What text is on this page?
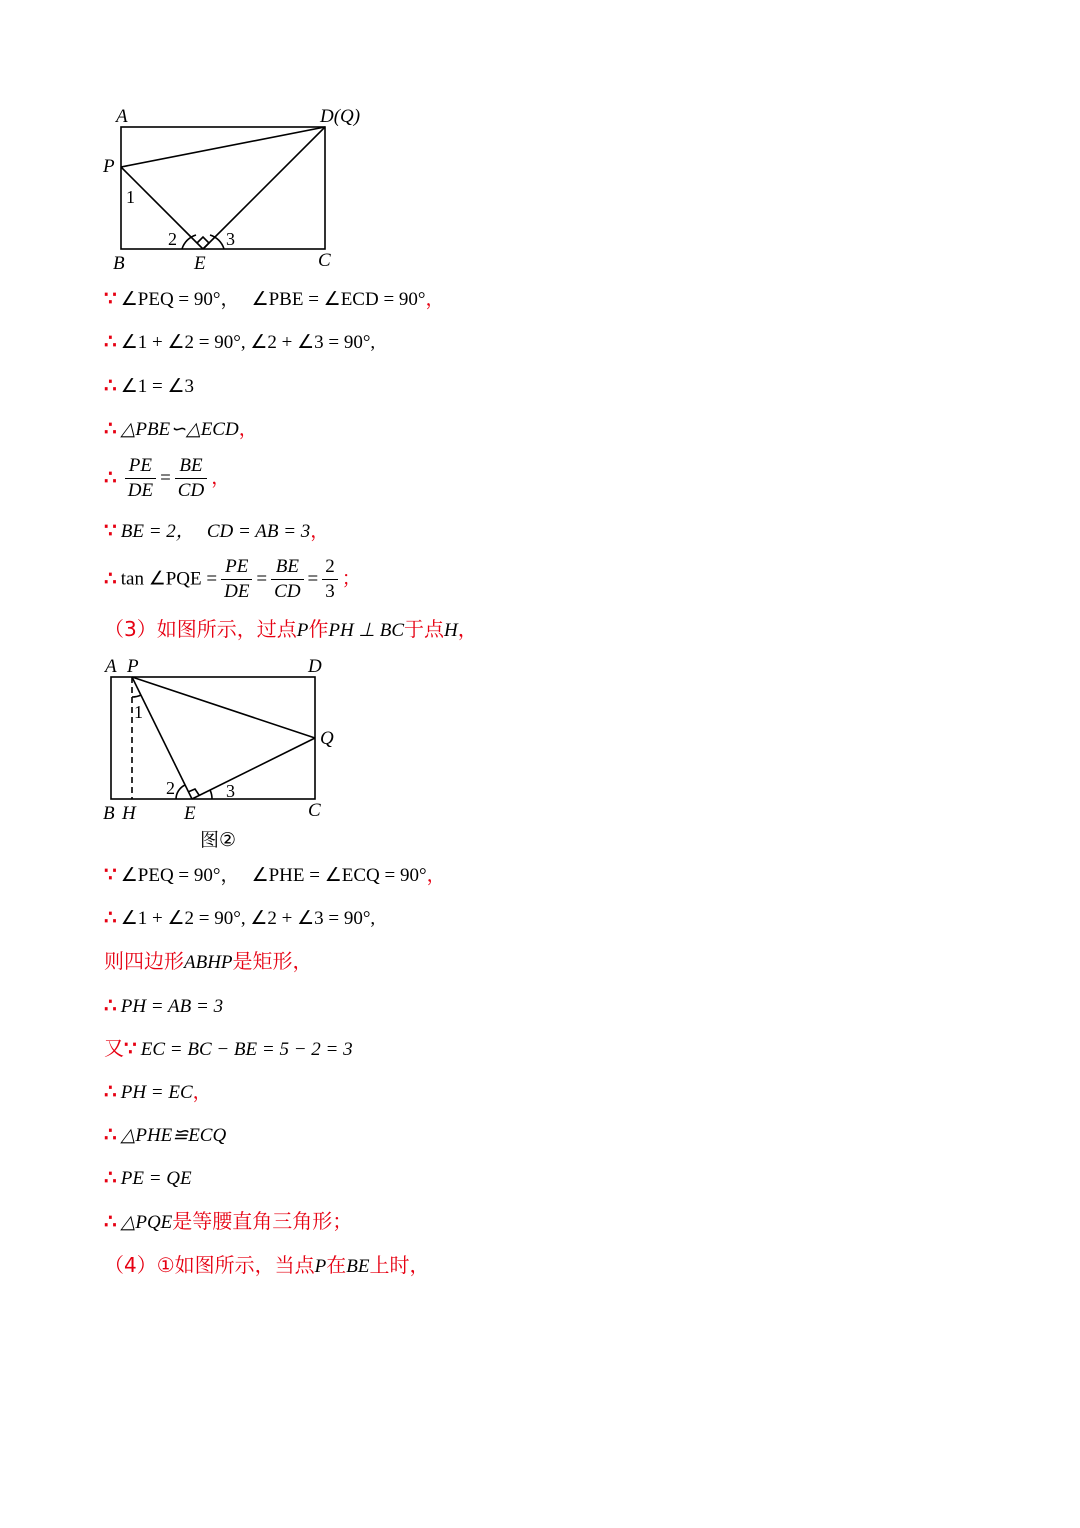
A	D(Q)
P
B	E	C
1
2	3
∵ ∠PEQ = 90°， ∠PBE = ∠ECD = 90°，
∴ ∠1 + ∠2 = 90°, ∠2 + ∠3 = 90°,
∴ ∠1 = ∠3
∴ △PBE∽△ECD，
∴ $\frac{PE}{DE} = \frac{BE}{CD}$ ，
∵ BE = 2， CD = AB = 3，
∴ tan ∠PQE = $\frac{PE}{DE} = \frac{BE}{CD} = \frac{2}{3}$ ；
（3）如图所示，过点P作PH ⊥ BC于点H，
A P	D
Q
B H	E	C
1
2	3
图②
∵ ∠PEQ = 90°， ∠PHE = ∠ECQ = 90°，
∴ ∠1 + ∠2 = 90°, ∠2 + ∠3 = 90°,
则四边形ABHP是矩形，
∴ PH = AB = 3
又∵ EC = BC − BE = 5 − 2 = 3
∴ PH = EC，
∴ △PHE≌ECQ
∴ PE = QE
∴ △PQE是等腰直角三角形；
（4）①如图所示，当点P在BE上时，
